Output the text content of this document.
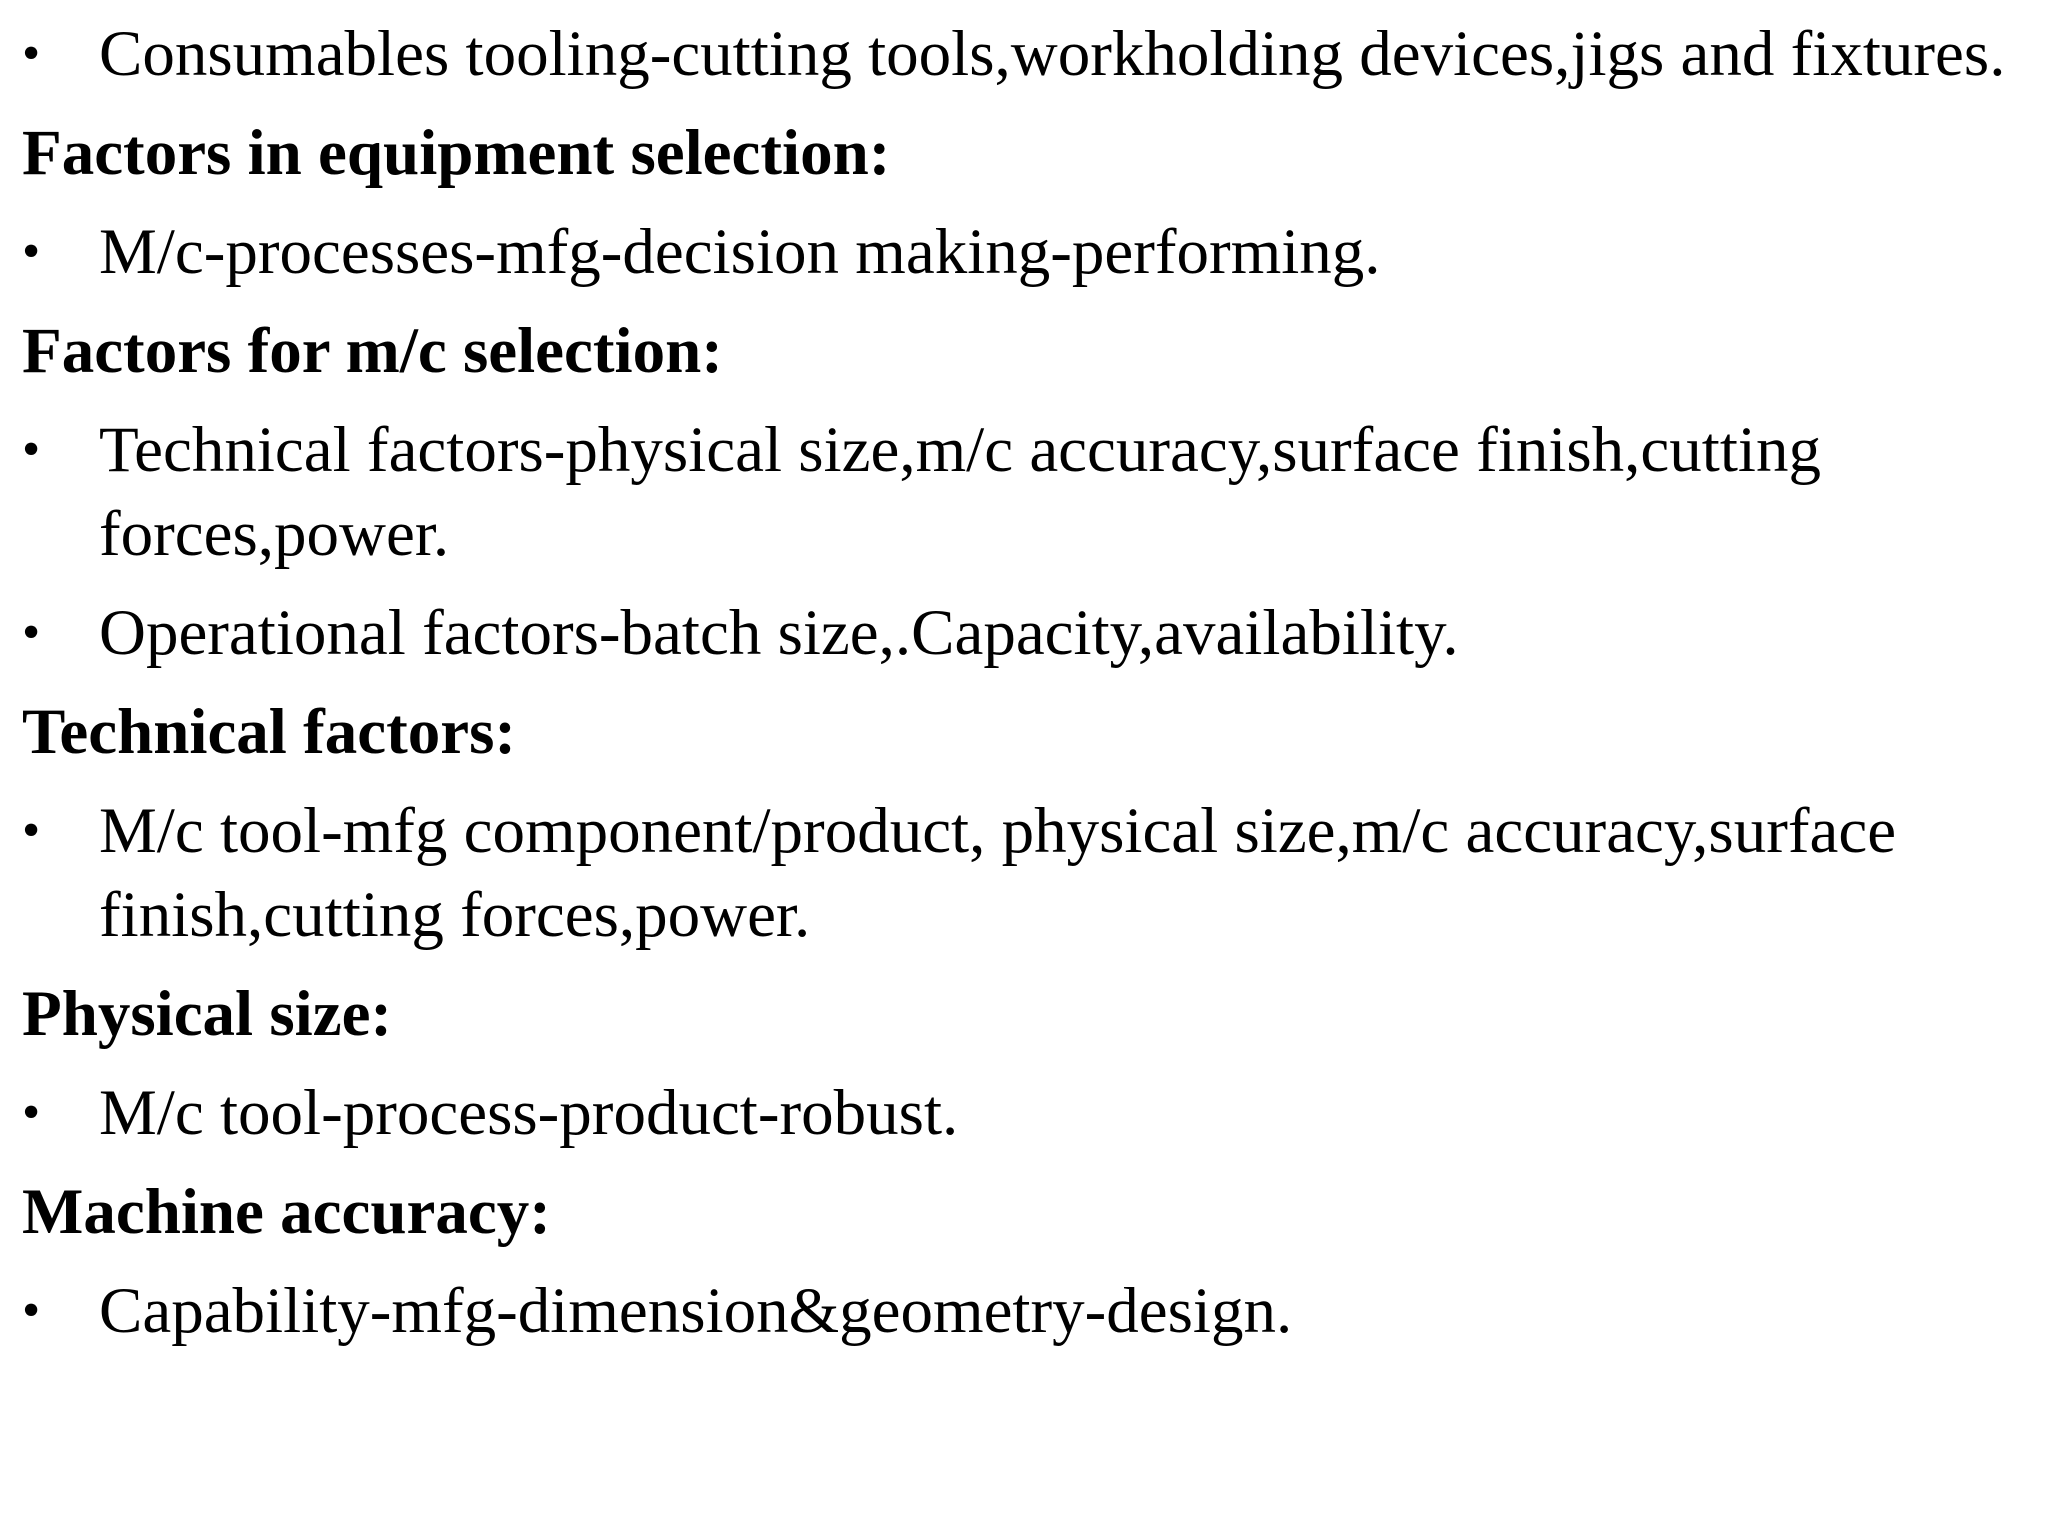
• Consumables tooling-cutting tools,workholding devices,jigs and fixtures.
Factors in equipment selection:
• M/c-processes-mfg-decision making-performing.
Factors for m/c selection:
• Technical factors-physical size,m/c accuracy,surface finish,cutting forces,power.
• Operational factors-batch size,.Capacity,availability.
Technical factors:
• M/c tool-mfg component/product, physical size,m/c accuracy,surface finish,cutting forces,power.
Physical size:
• M/c tool-process-product-robust.
Machine accuracy:
• Capability-mfg-dimension&geometry-design.
